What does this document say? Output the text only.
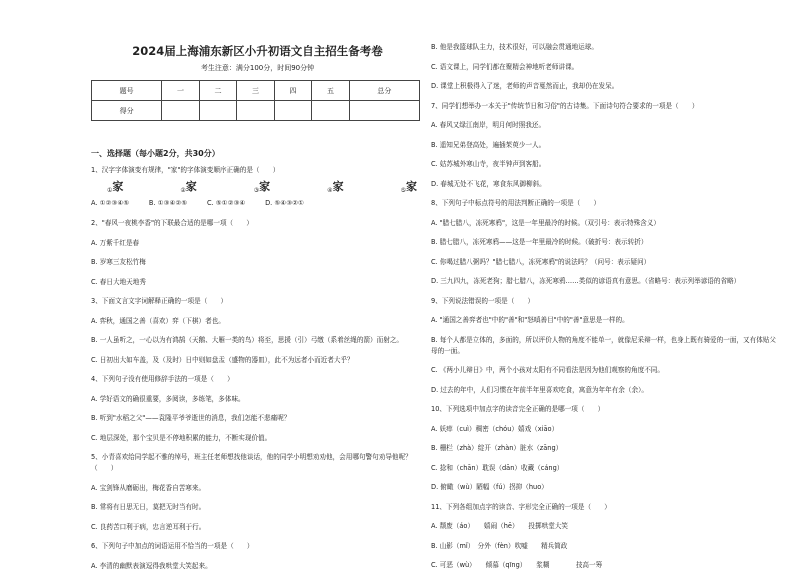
2024届上海浦东新区小升初语文自主招生备考卷
考生注意：满分100分，时间90分钟
题号	一	二	三	四	五	总分
得分						
一、选择题（每小题2分，共30分）
1、汉字字体演变有规律，"家"的字体演变顺序正确的是（　　）
① 家	② 家	③ 家	④ 家	⑤ 家
A. ①②③④⑤　　　B. ①③④②⑤　　　C. ⑤①②③④　　　D. ⑤④③②①
2、"春风一夜桃李香"的下联最合适的是哪一项（　　）
A. 万紫千红是春
B. 岁寒三友松竹梅
C. 春日大地天地秀
3、下面文言文字词解释正确的一项是（　　）
A. 弈秋，通国之善（喜欢）弈（下棋）者也。
B. 一人虽听之，一心以为有鸿鹄（天鹅、大雁一类的鸟）将至，思援（引）弓缴（系着丝绳的箭）而射之。
C. 日初出大如车盖，及（及时）日中则如盘盂（盛物的器皿），此不为远者小而近者大乎？
4、下列句子没有使用修辞手法的一项是（　　）
A. 学好语文的确很重要，多阅读，多练笔，多体味。
B. 听到"水稻之父"——袁隆平爷爷逝世的消息，我们怎能不悲痛呢？
C. 地层深处，那个宝贝是不停地积累的能力，不断实现价值。
5、小青喜欢给同学起不雅的绰号，班主任老师想找他谈话，他的同学小明想劝劝他，会用哪句警句劝导他呢？（　　）
A. 宝剑锋从磨砺出，梅花香自苦寒来。
B. 常将有日思无日，莫把无时当有时。
C. 良药苦口利于病，忠言逆耳利于行。
6、下列句子中加点的词语运用不恰当的一项是（　　）
A. 李清的幽默表演逗得我哄堂大笑起来。
B. 他是我篮球队主力，技术很好，可以融会贯通地运球。
C. 语文课上，同学们都在聚精会神地听老师讲课。
D. 课堂上积极得入了迷，老师的声音戛然而止，我却仍在发呆。
7、同学们想举办一本关于"传统节日和习俗"的古诗集。下面诗句符合要求的一项是（　　）
A. 春风又绿江南岸，明月何时照我还。
B. 遥知兄弟登高处，遍插茱萸少一人。
C. 姑苏城外寒山寺，夜半钟声到客船。
D. 春城无处不飞花，寒食东风御柳斜。
8、下列句子中标点符号的用法判断正确的一项是（　　）
A. "腊七腊八，冻死寒鸦"，这是一年里最冷的时候。（双引号：表示特殊含义）
B. 腊七腊八，冻死寒鸦——这是一年里最冷的时候。（破折号：表示转折）
C. 你喝过腊八粥吗？"腊七腊八，冻死寒鸦"的说法吗？（问号：表示疑问）
D. 三九四九，冻死老狗；腊七腊八，冻死寒鸦……类似的谚语真有意思。（省略号：表示列举谚语的省略）
9、下列说法错误的一项是（　　）
A. "通国之善弈者也"中的"善"和"怒嗔善目"中的"善"意思是一样的。
B. 每个人都是立体的，多面的，所以评价人物的角度不能单一，就像尼采辩一样，也身上既有骑爱的一面，又有体贴父母的一面。
C. 《两小儿辩日》中，两个小孩对太阳有不同看法是因为他们观察的角度不同。
D. 过去的年中，人们习惯在年前半年里喜欢吃食，寓意为年年有余（余）。
10、下列选项中加点字的读音完全正确的是哪一项（　　）
A. 妖瘁（cuì）稠密（chóu）嬉戏（xiāo）
B. 栅栏（zhà）绽开（zhàn）脏水（zāng）
C. 捻和（chān）耽误（dān）收藏（cáng）
D. 俯瞰（wù）陋幅（fú）拐抑（huo）
11、下列各组加点字的读音、字形完全正确的一项是（　　）
A. 颓废（áo）　　嬉闹（hē）　　投掷哄堂大笑
B. 山影（mǐ）　分外（fèn）吹嘘　　精兵简政
C. 可恶（wù）　　倾慕（qīng）　　浆糊　　　　技高一筹
